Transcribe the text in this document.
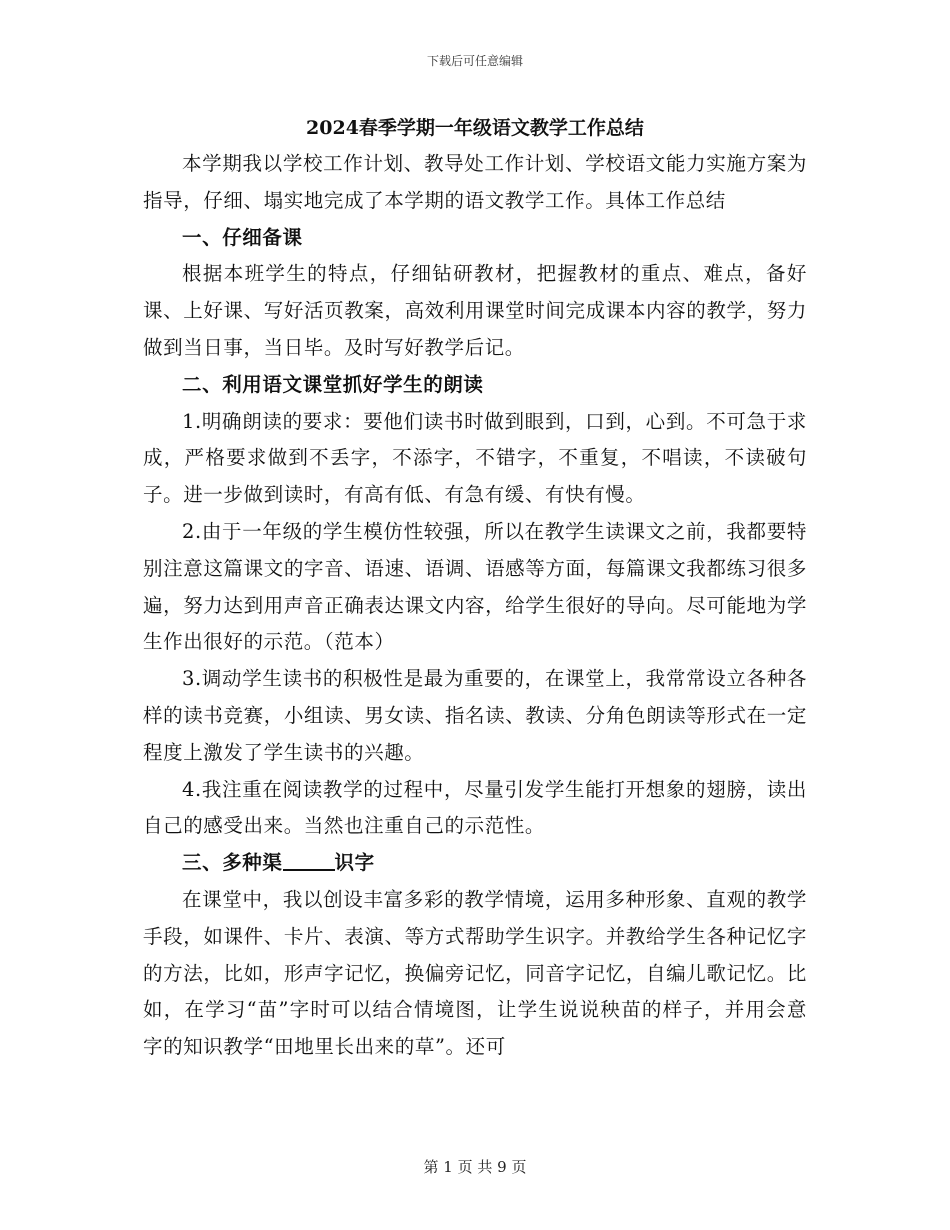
下载后可任意编辑
2024春季学期一年级语文教学工作总结

本学期我以学校工作计划、教导处工作计划、学校语文能力实施方案为指导，仔细、塌实地完成了本学期的语文教学工作。具体工作总结

一、仔细备课

根据本班学生的特点，仔细钻研教材，把握教材的重点、难点，备好课、上好课、写好活页教案，高效利用课堂时间完成课本内容的教学，努力做到当日事，当日毕。及时写好教学后记。

二、利用语文课堂抓好学生的朗读

1.明确朗读的要求：要他们读书时做到眼到，口到，心到。不可急于求成，严格要求做到不丢字，不添字，不错字，不重复，不唱读，不读破句子。进一步做到读时，有高有低、有急有缓、有快有慢。

2.由于一年级的学生模仿性较强，所以在教学生读课文之前，我都要特别注意这篇课文的字音、语速、语调、语感等方面，每篇课文我都练习很多遍，努力达到用声音正确表达课文内容，给学生很好的导向。尽可能地为学生作出很好的示范。（范本）

3.调动学生读书的积极性是最为重要的，在课堂上，我常常设立各种各样的读书竞赛，小组读、男女读、指名读、教读、分角色朗读等形式在一定程度上激发了学生读书的兴趣。

4.我注重在阅读教学的过程中，尽量引发学生能打开想象的翅膀，读出自己的感受出来。当然也注重自己的示范性。

三、多种渠	识字

在课堂中，我以创设丰富多彩的教学情境，运用多种形象、直观的教学手段，如课件、卡片、表演、等方式帮助学生识字。并教给学生各种记忆字的方法，比如，形声字记忆，换偏旁记忆，同音字记忆，自编儿歌记忆。比如，在学习“苗”字时可以结合情境图，让学生说说秧苗的样子，并用会意字的知识教学“田地里长出来的草”。还可

第 1 页 共 9 页
